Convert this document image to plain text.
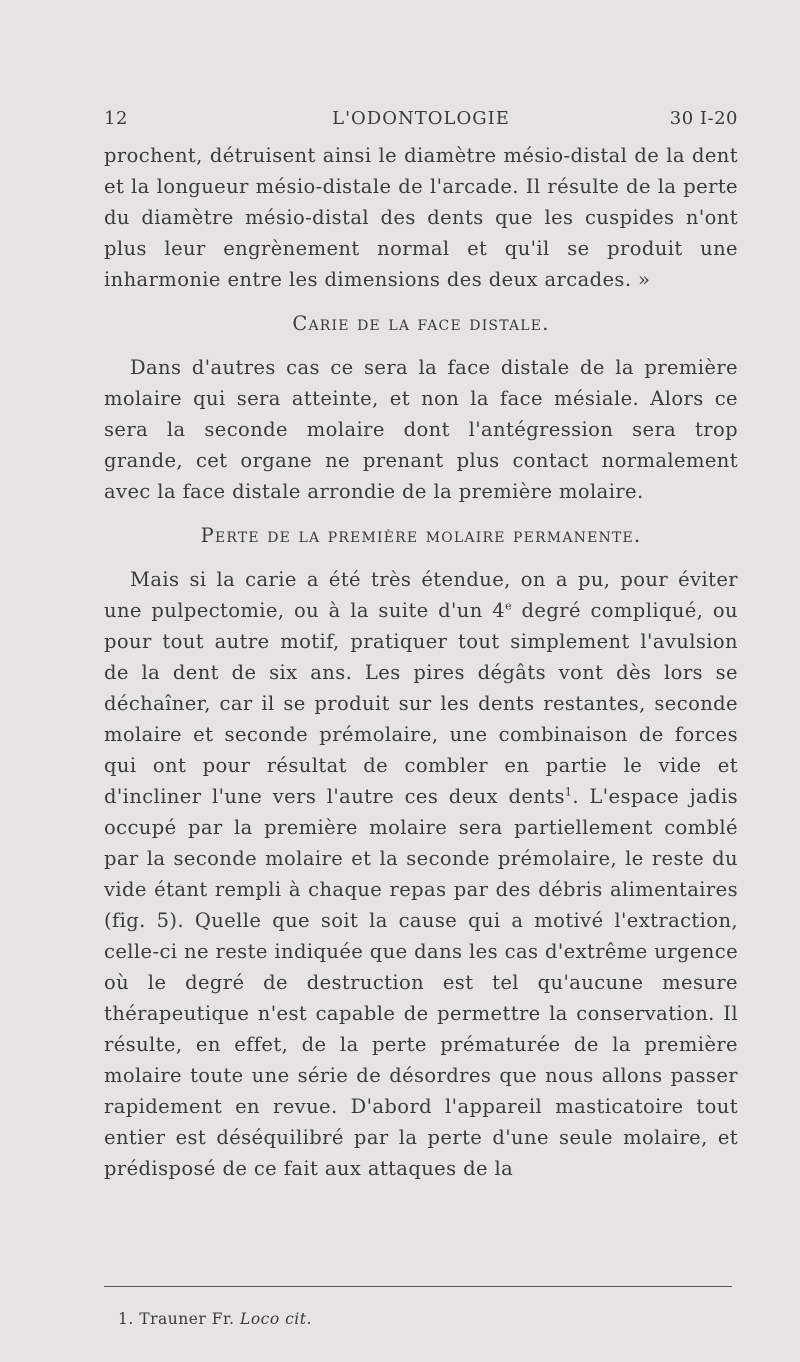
12	L'ODONTOLOGIE	30 I-20

prochent, détruisent ainsi le diamètre mésio-distal de la dent et la longueur mésio-distale de l'arcade. Il résulte de la perte du diamètre mésio-distal des dents que les cuspides n'ont plus leur engrènement normal et qu'il se produit une inharmonie entre les dimensions des deux arcades. »

Carie de la face distale.

Dans d'autres cas ce sera la face distale de la première molaire qui sera atteinte, et non la face mésiale. Alors ce sera la seconde molaire dont l'antégression sera trop grande, cet organe ne prenant plus contact normalement avec la face distale arrondie de la première molaire.

Perte de la première molaire permanente.

Mais si la carie a été très étendue, on a pu, pour éviter une pulpectomie, ou à la suite d'un 4e degré compliqué, ou pour tout autre motif, pratiquer tout simplement l'avulsion de la dent de six ans. Les pires dégâts vont dès lors se déchaîner, car il se produit sur les dents restantes, seconde molaire et seconde prémolaire, une combinaison de forces qui ont pour résultat de combler en partie le vide et d'incliner l'une vers l'autre ces deux dents$^1$. L'espace jadis occupé par la première molaire sera partiellement comblé par la seconde molaire et la seconde prémolaire, le reste du vide étant rempli à chaque repas par des débris alimentaires (fig. 5). Quelle que soit la cause qui a motivé l'extraction, celle-ci ne reste indiquée que dans les cas d'extrême urgence où le degré de destruction est tel qu'aucune mesure thérapeutique n'est capable de permettre la conservation. Il résulte, en effet, de la perte prématurée de la première molaire toute une série de désordres que nous allons passer rapidement en revue. D'abord l'appareil masticatoire tout entier est déséquilibré par la perte d'une seule molaire, et prédisposé de ce fait aux attaques de la

1. Trauner Fr. Loco cit.
